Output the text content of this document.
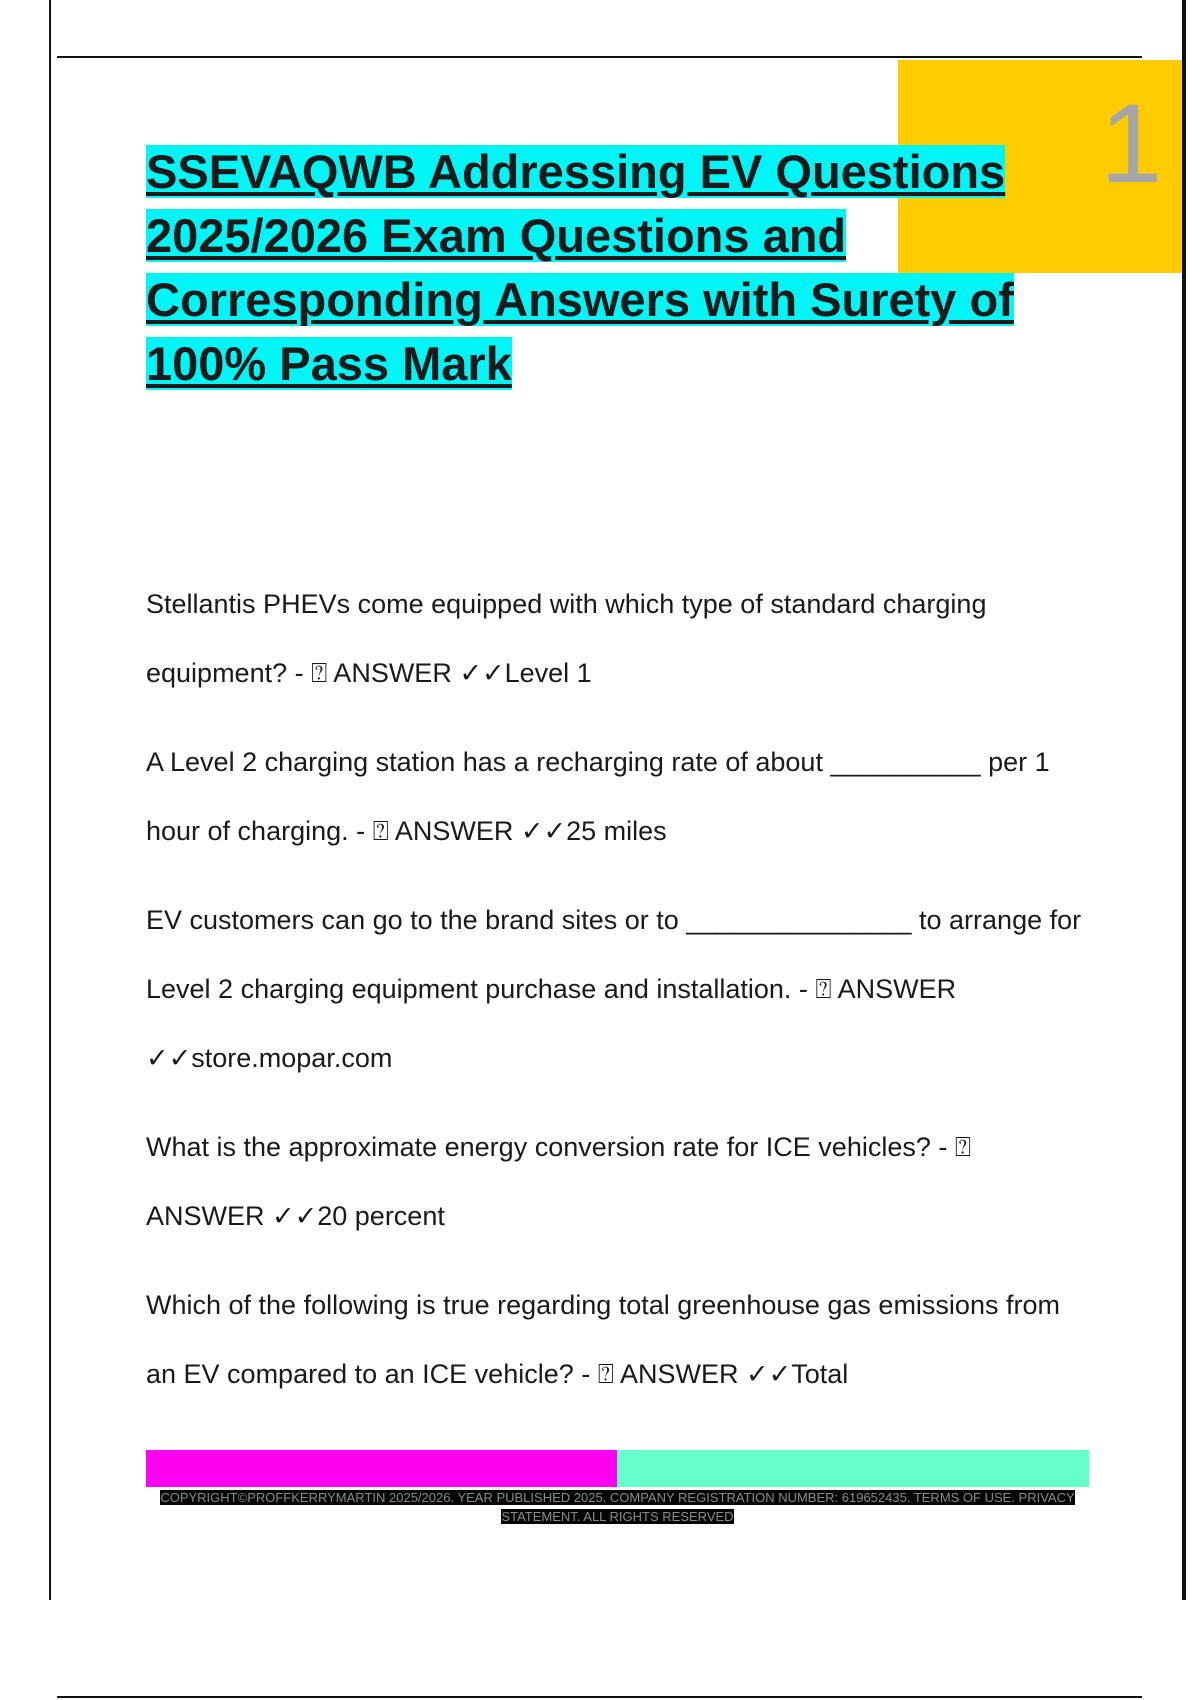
1
SSEVAQWB Addressing EV Questions 2025/2026 Exam Questions and Corresponding Answers with Surety of 100% Pass Mark
Stellantis PHEVs come equipped with which type of standard charging equipment? - ⍰ ANSWER ✓✓Level 1
A Level 2 charging station has a recharging rate of about __________ per 1 hour of charging. - ⍰ ANSWER ✓✓25 miles
EV customers can go to the brand sites or to _______________ to arrange for Level 2 charging equipment purchase and installation. - ⍰ ANSWER ✓✓store.mopar.com
What is the approximate energy conversion rate for ICE vehicles? - ⍰ ANSWER ✓✓20 percent
Which of the following is true regarding total greenhouse gas emissions from an EV compared to an ICE vehicle? - ⍰ ANSWER ✓✓Total
COPYRIGHT©PROFFKERRYMARTIN 2025/2026. YEAR PUBLISHED 2025. COMPANY REGISTRATION NUMBER: 619652435. TERMS OF USE. PRIVACY STATEMENT. ALL RIGHTS RESERVED
